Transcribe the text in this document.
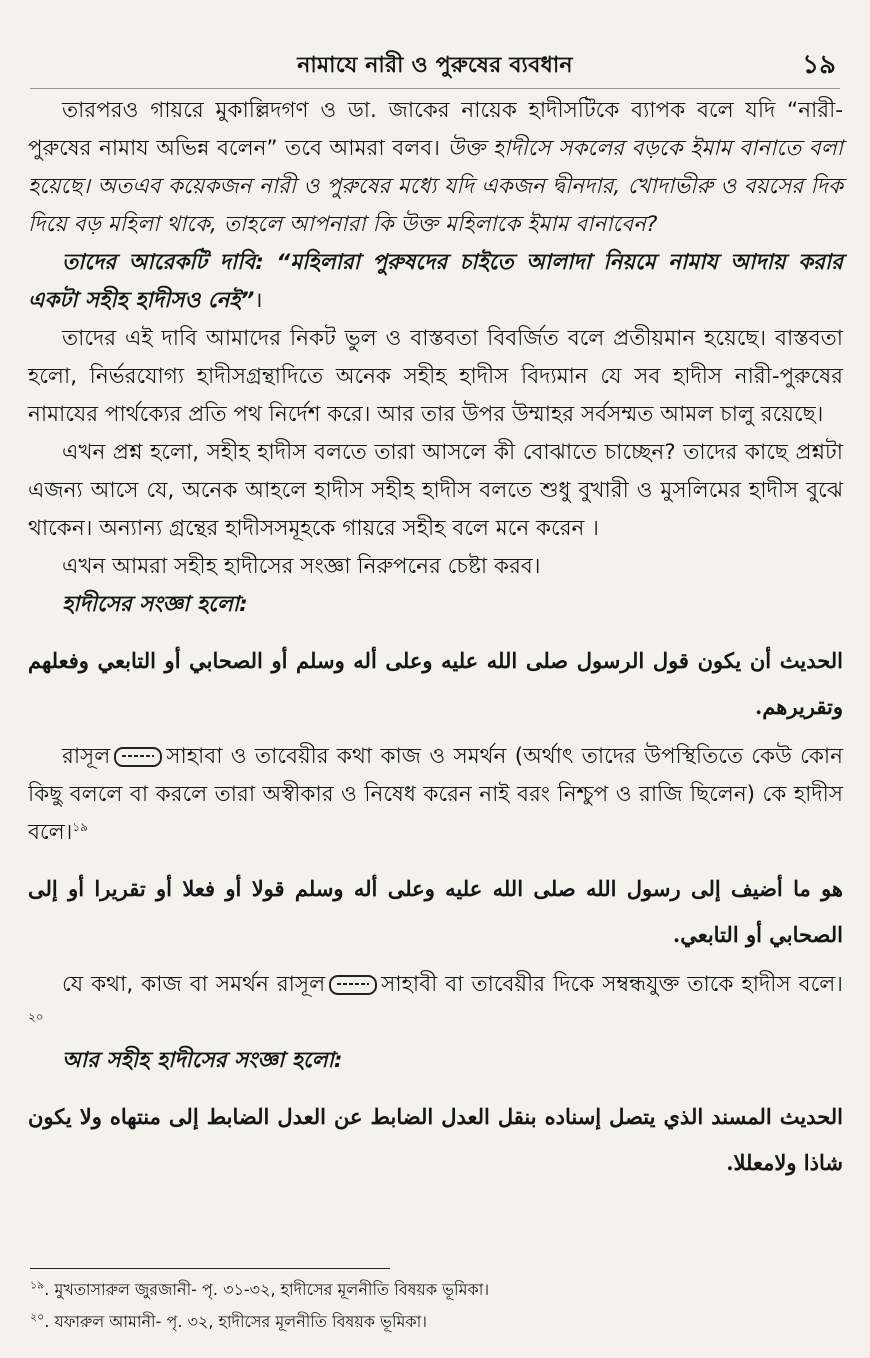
নামাযে নারী ও পুরুষের ব্যবধান	১৯

তারপরও গায়রে মুকাল্লিদগণ ও ডা. জাকের নায়েক হাদীসটিকে ব্যাপক বলে যদি “নারী-পুরুষের নামায অভিন্ন বলেন” তবে আমরা বলব। উক্ত হাদীসে সকলের বড়কে ইমাম বানাতে বলা হয়েছে। অতএব কয়েকজন নারী ও পুরুষের মধ্যে যদি একজন দ্বীনদার, খোদাভীরু ও বয়সের দিক দিয়ে বড় মহিলা থাকে, তাহলে আপনারা কি উক্ত মহিলাকে ইমাম বানাবেন?

তাদের আরেকটি দাবি: “মহিলারা পুরুষদের চাইতে আলাদা নিয়মে নামায আদায় করার একটা সহীহ হাদীসও নেই”।

তাদের এই দাবি আমাদের নিকট ভুল ও বাস্তবতা বিবর্জিত বলে প্রতীয়মান হয়েছে। বাস্তবতা হলো, নির্ভরযোগ্য হাদীসগ্রন্থাদিতে অনেক সহীহ হাদীস বিদ্যমান যে সব হাদীস নারী-পুরুষের নামাযের পার্থক্যের প্রতি পথ নির্দেশ করে। আর তার উপর উম্মাহর সর্বসম্মত আমল চালু রয়েছে।

এখন প্রশ্ন হলো, সহীহ হাদীস বলতে তারা আসলে কী বোঝাতে চাচ্ছেন? তাদের কাছে প্রশ্নটা এজন্য আসে যে, অনেক আহলে হাদীস সহীহ হাদীস বলতে শুধু বুখারী ও মুসলিমের হাদীস বুঝে থাকেন। অন্যান্য গ্রন্থের হাদীসসমূহকে গায়রে সহীহ বলে মনে করেন ।

এখন আমরা সহীহ হাদীসের সংজ্ঞা নিরুপনের চেষ্টা করব।

হাদীসের সংজ্ঞা হলো:

الحديث أن يكون قول الرسول صلى الله عليه وعلى أله وسلم أو الصحابي أو التابعي وفعلهم وتقريرهم.

রাসূল	সাহাবা ও তাবেয়ীর কথা কাজ ও সমর্থন (অর্থাৎ তাদের উপস্থিতিতে কেউ কোন কিছু বললে বা করলে তারা অস্বীকার ও নিষেধ করেন নাই বরং নিশ্চুপ ও রাজি ছিলেন) কে হাদীস বলে।$^{১৯}$

هو ما أضيف إلى رسول الله صلى الله عليه وعلى أله وسلم قولا أو فعلا أو تقريرا أو إلى الصحابي أو التابعي.

যে কথা, কাজ বা সমর্থন রাসূল	সাহাবী বা তাবেয়ীর দিকে সম্বন্ধযুক্ত তাকে হাদীস বলে।$^{২০}$

আর সহীহ হাদীসের সংজ্ঞা হলো:

الحديث المسند الذي يتصل إسناده بنقل العدل الضابط عن العدل الضابط إلى منتهاه ولا يكون شاذا ولامعللا.

$^{১৯}$. মুখতাসারুল জুরজানী- পৃ. ৩১-৩২, হাদীসের মূলনীতি বিষয়ক ভূমিকা।

$^{২০}$. যফারুল আমানী- পৃ. ৩২, হাদীসের মূলনীতি বিষয়ক ভূমিকা।
